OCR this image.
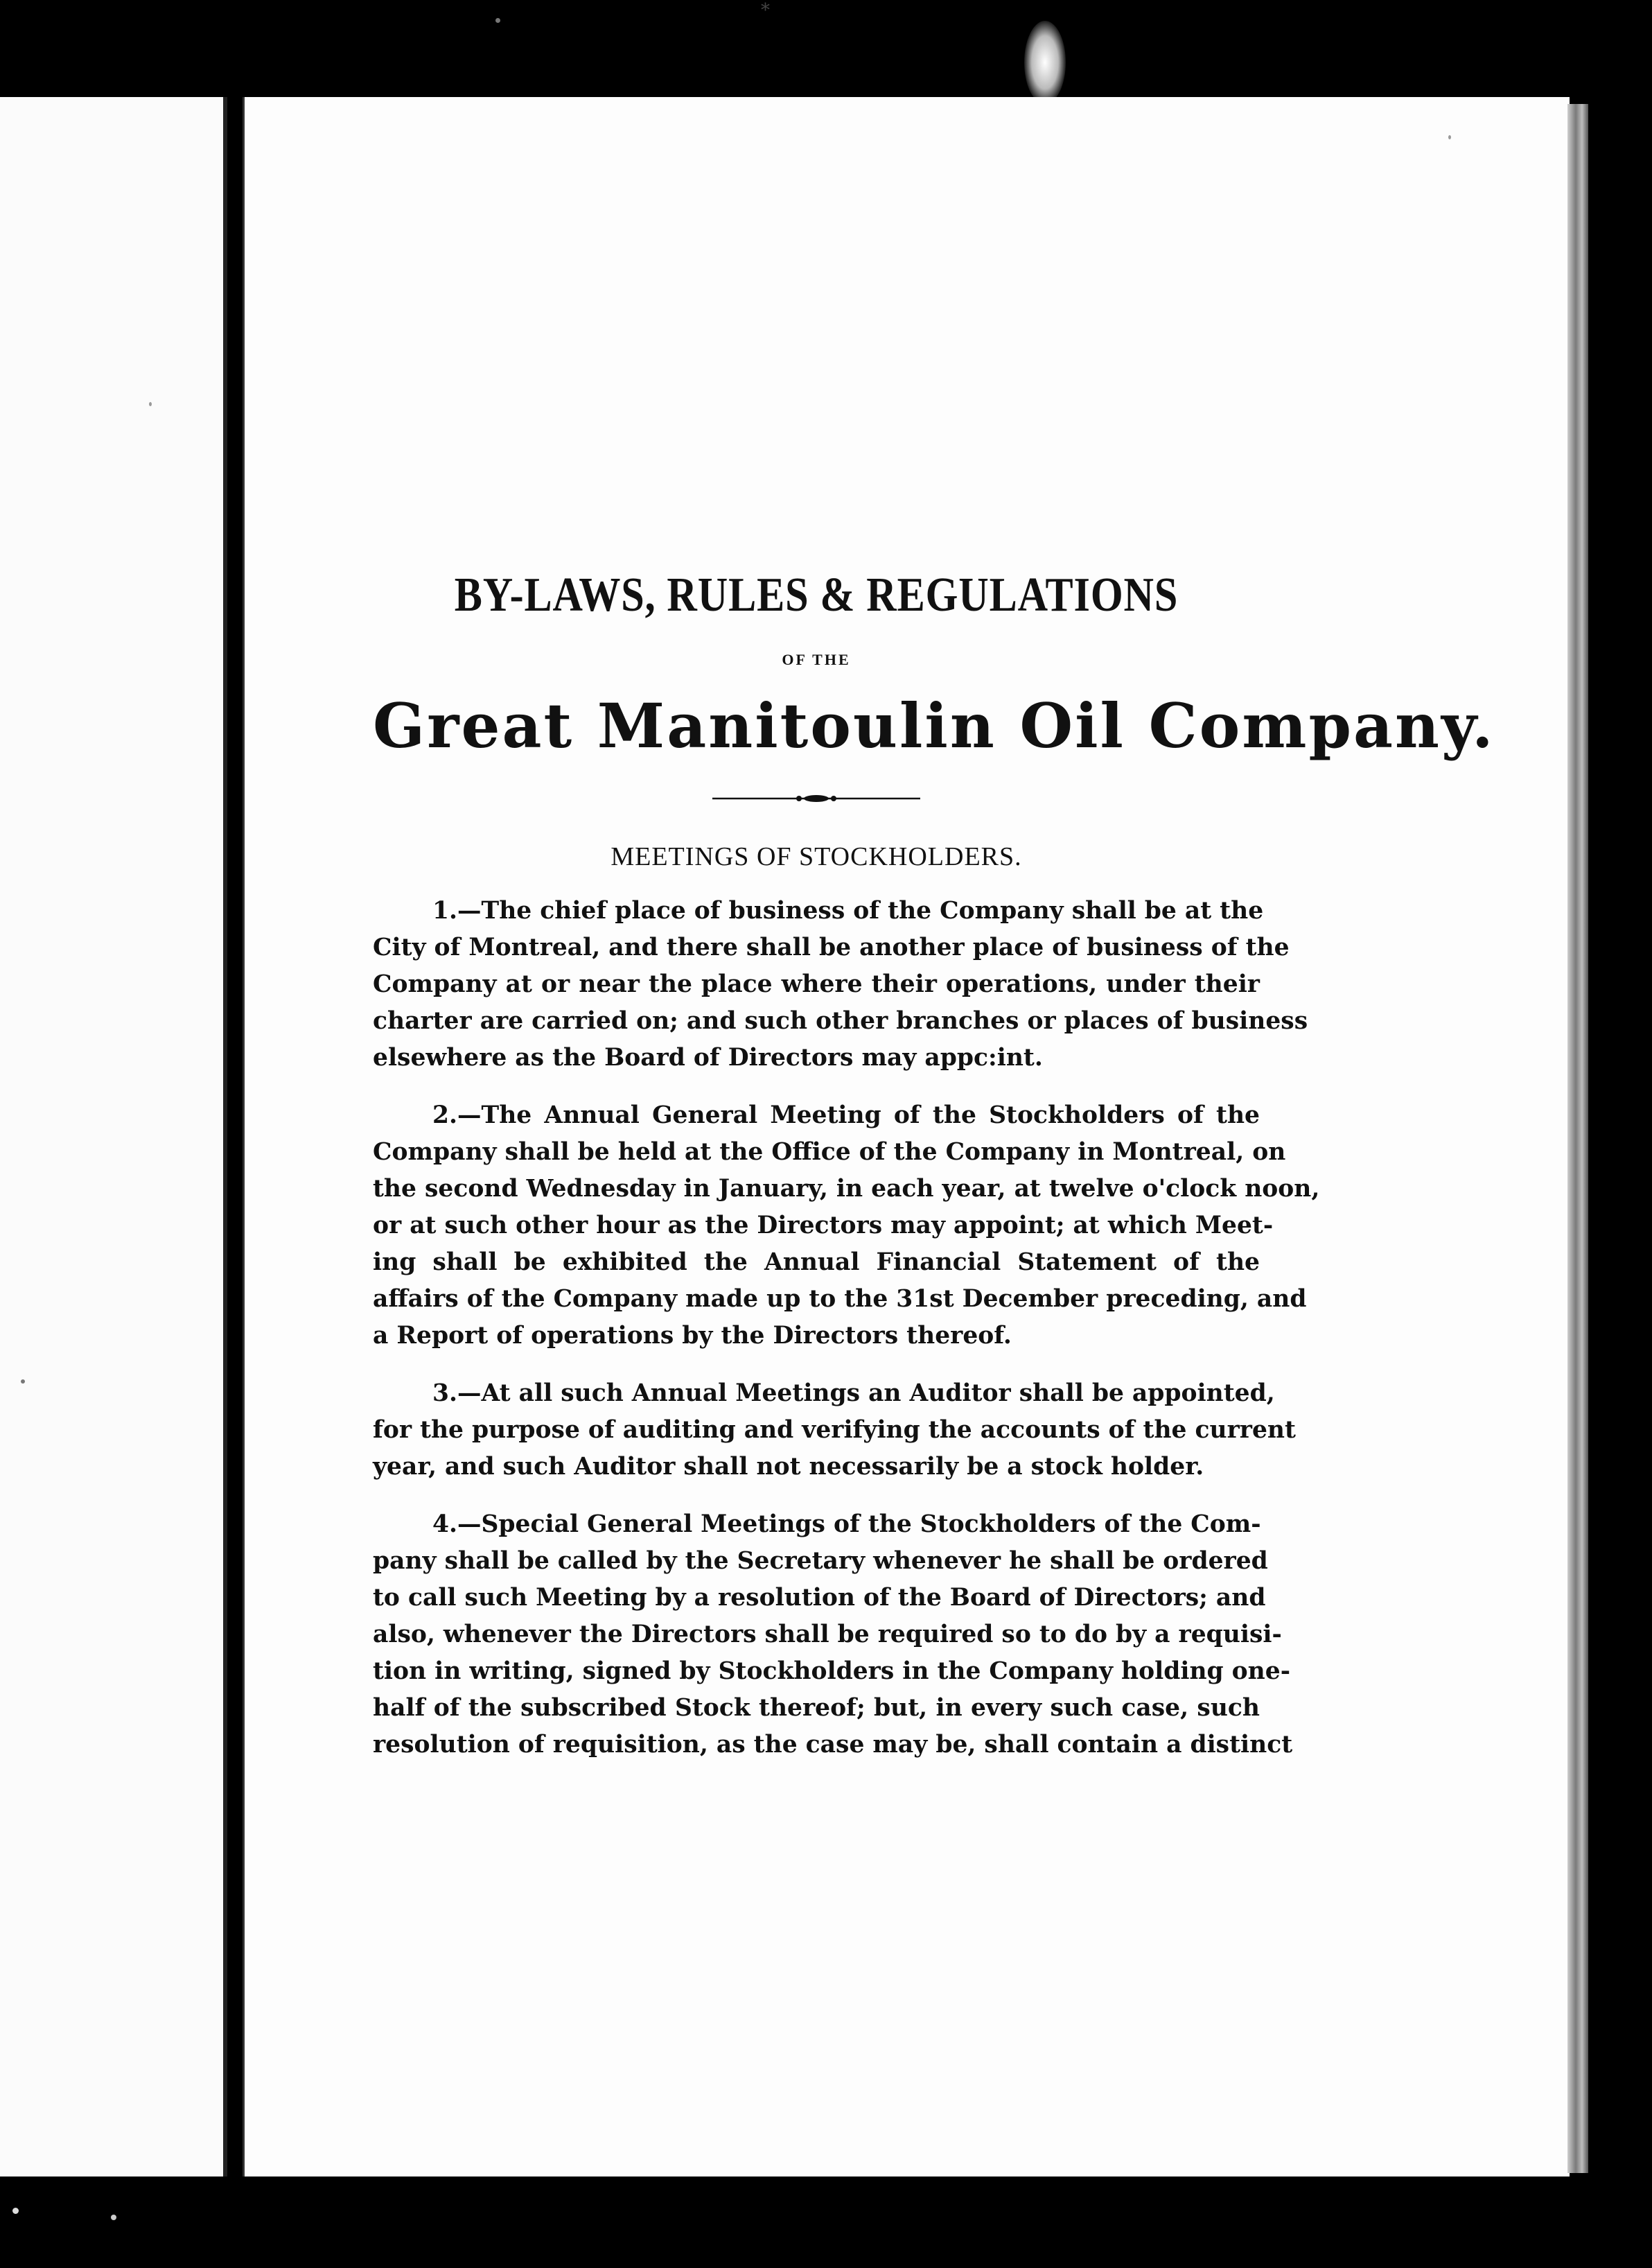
*
BY-LAWS, RULES & REGULATIONS
OF THE
Great Manitoulin Oil Company.
MEETINGS OF STOCKHOLDERS.
1.—The chief place of business of the Company shall be at the
City of Montreal, and there shall be another place of business of the
Company at or near the place where their operations, under their
charter are carried on; and such other branches or places of business
elsewhere as the Board of Directors may appc:int.
2.—The Annual General Meeting of the Stockholders of the
Company shall be held at the Office of the Company in Montreal, on
the second Wednesday in January, in each year, at twelve o'clock noon,
or at such other hour as the Directors may appoint; at which Meet-
ing shall be exhibited the Annual Financial Statement of the
affairs of the Company made up to the 31st December preceding, and
a Report of operations by the Directors thereof.
3.—At all such Annual Meetings an Auditor shall be appointed,
for the purpose of auditing and verifying the accounts of the current
year, and such Auditor shall not necessarily be a stock holder.
4.—Special General Meetings of the Stockholders of the Com-
pany shall be called by the Secretary whenever he shall be ordered
to call such Meeting by a resolution of the Board of Directors; and
also, whenever the Directors shall be required so to do by a requisi-
tion in writing, signed by Stockholders in the Company holding one-
half of the subscribed Stock thereof; but, in every such case, such
resolution of requisition, as the case may be, shall contain a distinct
